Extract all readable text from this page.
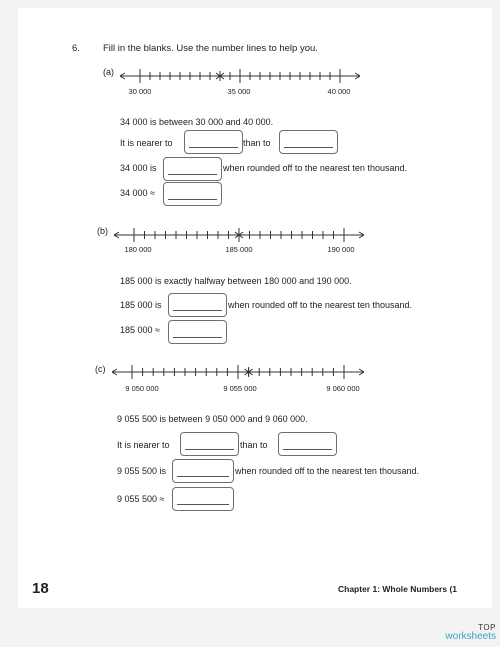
6. Fill in the blanks. Use the number lines to help you.
(a)
30 000	35 000	40 000
34 000 is between 30 000 and 40 000.
It is nearer to	than to
34 000 is	when rounded off to the nearest ten thousand.
34 000 ≈
(b)
180 000	185 000	190 000
185 000 is exactly halfway between 180 000 and 190 000.
185 000 is	when rounded off to the nearest ten thousand.
185 000 ≈
(c)
9 050 000	9 055 000	9 060 000
9 055 500 is between 9 050 000 and 9 060 000.
It is nearer to	than to
9 055 500 is	when rounded off to the nearest ten thousand.
9 055 500 ≈
18	Chapter 1: Whole Numbers (1
TOP
worksheets
